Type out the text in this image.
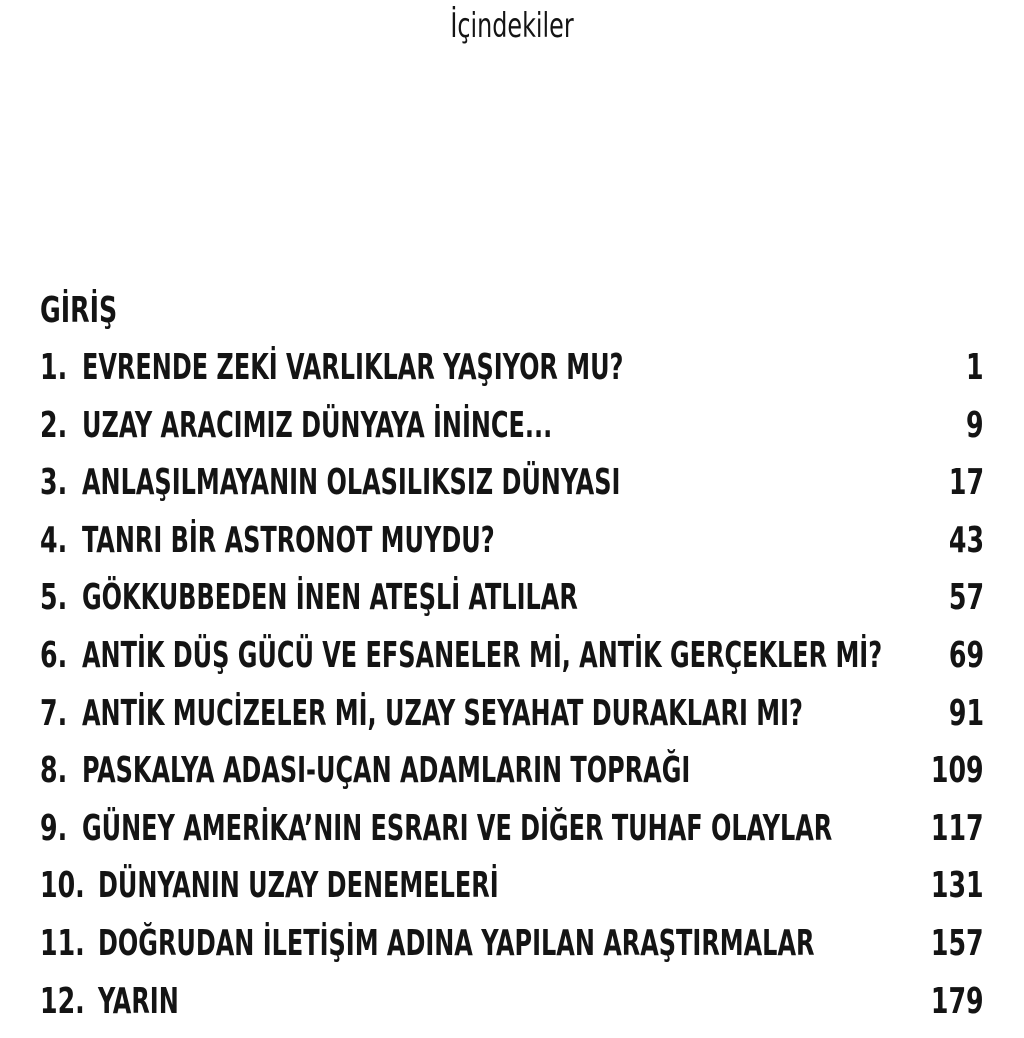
İçindekiler
GİRİŞ
1. EVRENDE ZEKİ VARLIKLAR YAŞIYOR MU?	1
2. UZAY ARACIMIZ DÜNYAYA İNİNCE...	9
3. ANLAŞILMAYANIN OLASILIKSIZ DÜNYASI	17
4. TANRI BİR ASTRONOT MUYDU?	43
5. GÖKKUBBEDEN İNEN ATEŞLİ ATLILAR	57
6. ANTİK DÜŞ GÜCÜ VE EFSANELER Mİ, ANTİK GERÇEKLER Mİ? 69
7. ANTİK MUCİZELER Mİ, UZAY SEYAHAT DURAKLARI MI?	91
8. PASKALYA ADASI-UÇAN ADAMLARIN TOPRAĞI	109
9. GÜNEY AMERİKA’NIN ESRARI VE DİĞER TUHAF OLAYLAR	117
10. DÜNYANIN UZAY DENEMELERİ	131
11. DOĞRUDAN İLETİŞİM ADINA YAPILAN ARAŞTIRMALAR	157
12. YARIN	179
